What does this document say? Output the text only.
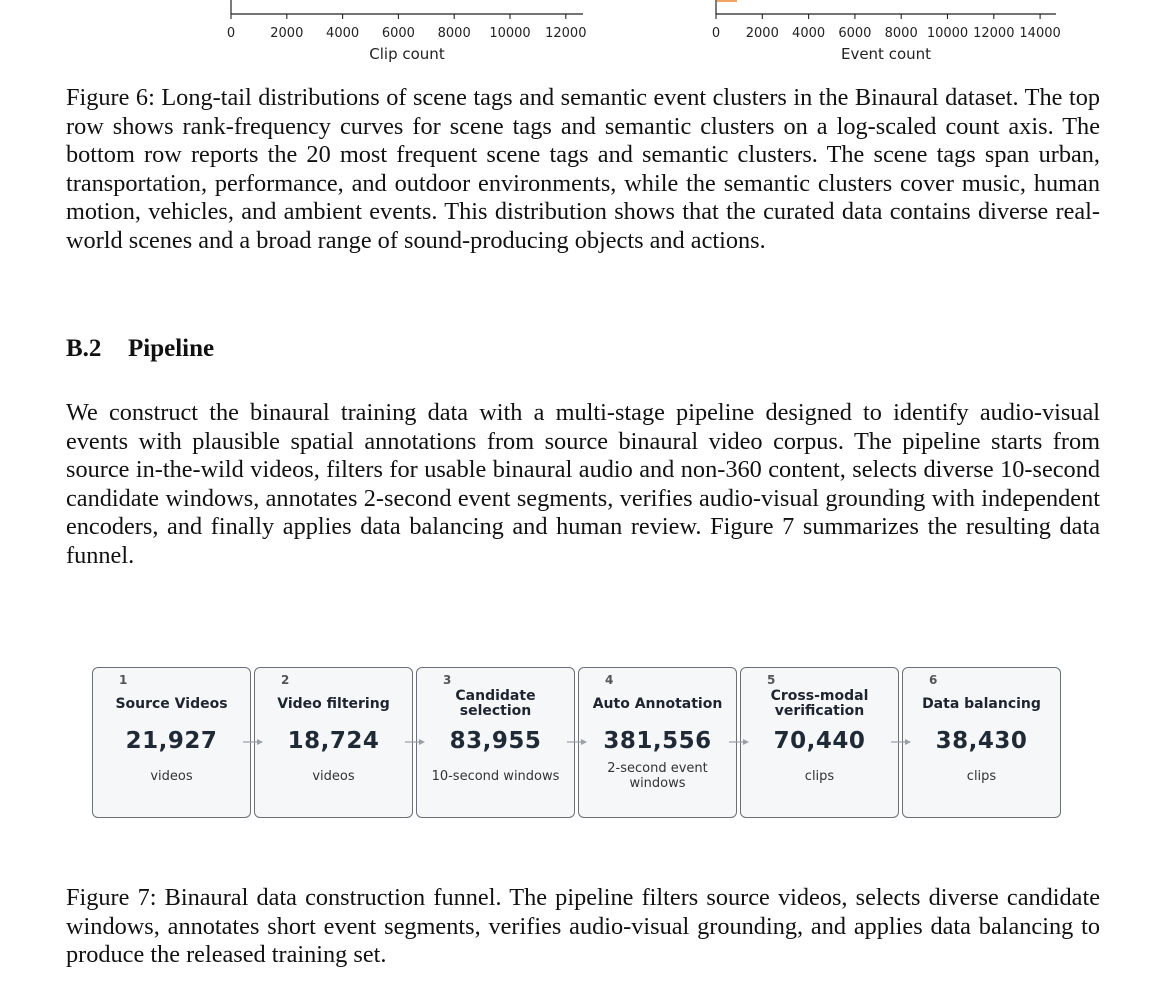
0	2000 4000 6000 8000 10000 12000
Clip count
0 2000 4000 6000 8000 10000 12000 14000
Event count
Figure 6: Long-tail distributions of scene tags and semantic event clusters in the Binaural dataset. The top row shows rank-frequency curves for scene tags and semantic clusters on a log-scaled count axis. The bottom row reports the 20 most frequent scene tags and semantic clusters. The scene tags span urban, transportation, performance, and outdoor environments, while the semantic clusters cover music, human motion, vehicles, and ambient events. This distribution shows that the curated data contains diverse real-world scenes and a broad range of sound-producing objects and actions.
B.2 Pipeline
We construct the binaural training data with a multi-stage pipeline designed to identify audio-visual events with plausible spatial annotations from source binaural video corpus. The pipeline starts from source in-the-wild videos, filters for usable binaural audio and non-360 content, selects diverse 10-second candidate windows, annotates 2-second event segments, verifies audio-visual grounding with independent encoders, and finally applies data balancing and human review. Figure 7 summarizes the resulting data funnel.
1
Source Videos
21,927
videos
2
Video filtering
18,724
videos
3
Candidate selection
83,955
10-second windows
4
Auto Annotation
381,556
2-second event windows
5
Cross-modal verification
70,440
clips
6
Data balancing
38,430
clips
Figure 7: Binaural data construction funnel. The pipeline filters source videos, selects diverse candidate windows, annotates short event segments, verifies audio-visual grounding, and applies data balancing to produce the released training set.
